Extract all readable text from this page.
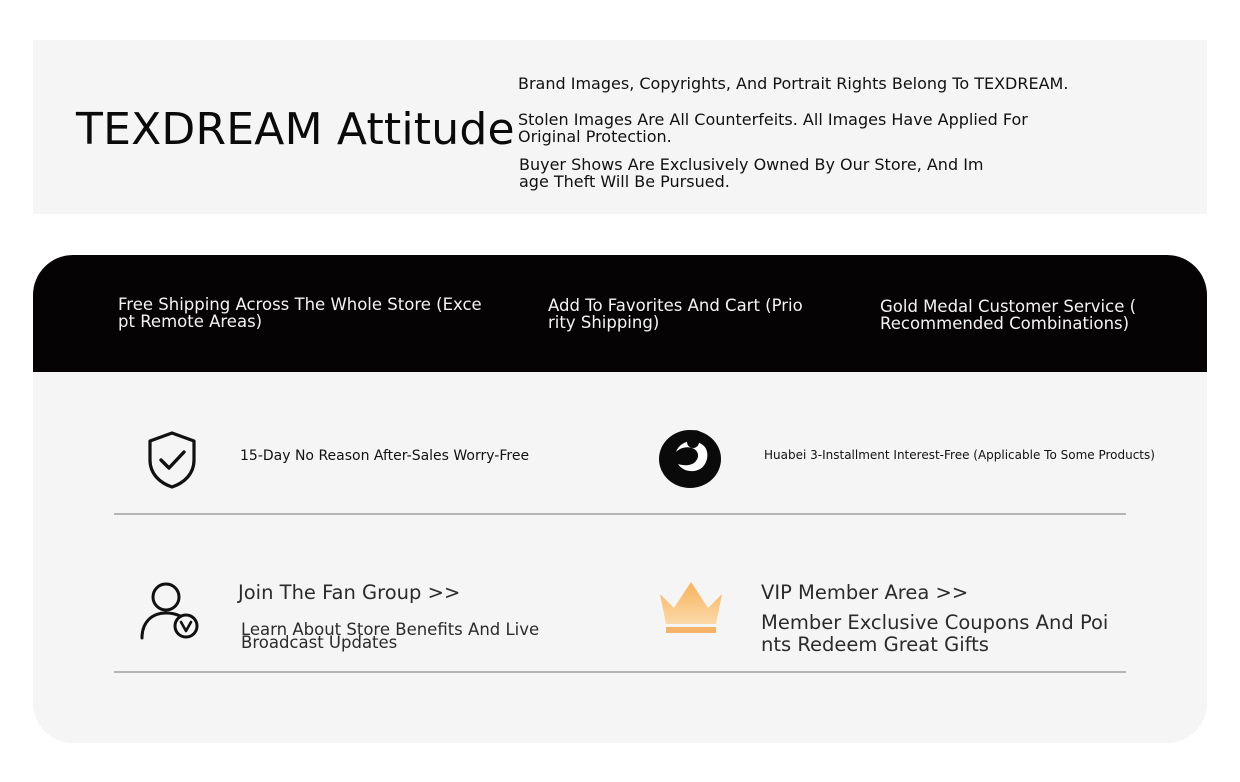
TEXDREAM Attitude
Brand Images, Copyrights, And Portrait Rights Belong To TEXDREAM.
Stolen Images Are All Counterfeits. All Images Have Applied For
Original Protection.
Buyer Shows Are Exclusively Owned By Our Store, And Im
age Theft Will Be Pursued.
Free Shipping Across The Whole Store (Exce
pt Remote Areas)
Add To Favorites And Cart (Prio
rity Shipping)
Gold Medal Customer Service (
Recommended Combinations)
15-Day No Reason After-Sales Worry-Free	Huabei 3-Installment Interest-Free (Applicable To Some Products)
Join The Fan Group >>
Learn About Store Benefits And Live
Broadcast Updates
VIP Member Area >>
Member Exclusive Coupons And Poi
nts Redeem Great Gifts
